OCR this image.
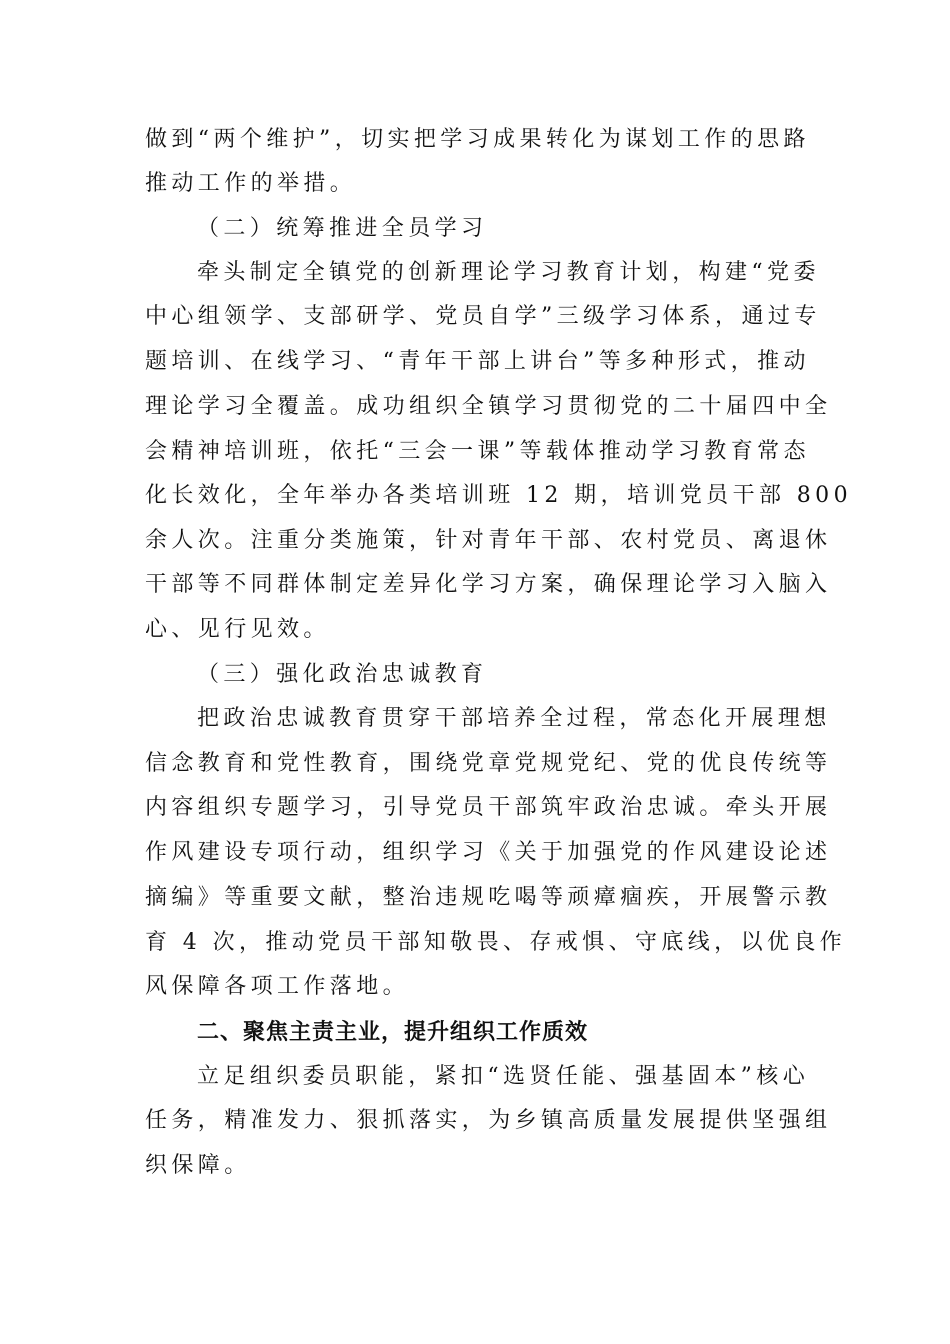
做到“两个维护”，切实把学习成果转化为谋划工作的思路
推动工作的举措。
（二）统筹推进全员学习
牵头制定全镇党的创新理论学习教育计划，构建“党委
中心组领学、支部研学、党员自学”三级学习体系，通过专
题培训、在线学习、“青年干部上讲台”等多种形式，推动
理论学习全覆盖。成功组织全镇学习贯彻党的二十届四中全
会精神培训班，依托“三会一课”等载体推动学习教育常态
化长效化，全年举办各类培训班 12 期，培训党员干部 800
余人次。注重分类施策，针对青年干部、农村党员、离退休
干部等不同群体制定差异化学习方案，确保理论学习入脑入
心、见行见效。
（三）强化政治忠诚教育
把政治忠诚教育贯穿干部培养全过程，常态化开展理想
信念教育和党性教育，围绕党章党规党纪、党的优良传统等
内容组织专题学习，引导党员干部筑牢政治忠诚。牵头开展
作风建设专项行动，组织学习《关于加强党的作风建设论述
摘编》等重要文献，整治违规吃喝等顽瘴痼疾，开展警示教
育 4 次，推动党员干部知敬畏、存戒惧、守底线，以优良作
风保障各项工作落地。
二、聚焦主责主业，提升组织工作质效
立足组织委员职能，紧扣“选贤任能、强基固本”核心
任务，精准发力、狠抓落实，为乡镇高质量发展提供坚强组
织保障。
